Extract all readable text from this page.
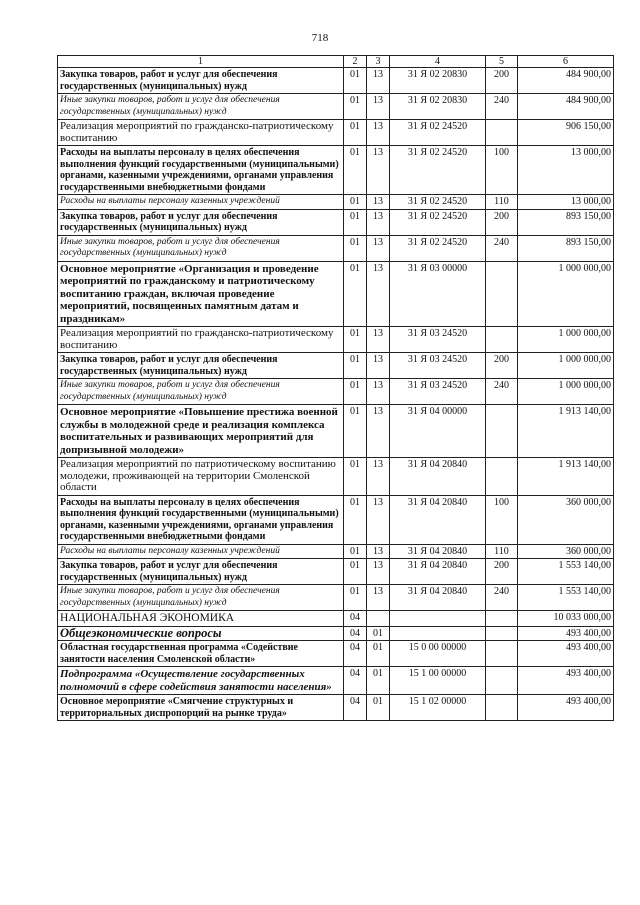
718
1	2	3	4	5	6
Закупка товаров, работ и услуг для обеспечения государственных (муниципальных) нужд	01	13	31 Я 02 20830	200	484 900,00
Иные закупки товаров, работ и услуг для обеспечения государственных (муниципальных) нужд	01	13	31 Я 02 20830	240	484 900,00
Реализация мероприятий по гражданско-патриотическому воспитанию	01	13	31 Я 02 24520		906 150,00
Расходы на выплаты персоналу в целях обеспечения выполнения функций государственными (муниципальными) органами, казенными учреждениями, органами управления государственными внебюджетными фондами	01	13	31 Я 02 24520	100	13 000,00
Расходы на выплаты персоналу казенных учреждений	01	13	31 Я 02 24520	110	13 000,00
Закупка товаров, работ и услуг для обеспечения государственных (муниципальных) нужд	01	13	31 Я 02 24520	200	893 150,00
Иные закупки товаров, работ и услуг для обеспечения государственных (муниципальных) нужд	01	13	31 Я 02 24520	240	893 150,00
Основное мероприятие «Организация и проведение мероприятий по гражданскому и патриотическому воспитанию граждан, включая проведение мероприятий, посвященных памятным датам и праздникам»	01	13	31 Я 03 00000		1 000 000,00
Реализация мероприятий по гражданско-патриотическому воспитанию	01	13	31 Я 03 24520		1 000 000,00
Закупка товаров, работ и услуг для обеспечения государственных (муниципальных) нужд	01	13	31 Я 03 24520	200	1 000 000,00
Иные закупки товаров, работ и услуг для обеспечения государственных (муниципальных) нужд	01	13	31 Я 03 24520	240	1 000 000,00
Основное мероприятие «Повышение престижа военной службы в молодежной среде и реализация комплекса воспитательных и развивающих мероприятий для допризывной молодежи»	01	13	31 Я 04 00000		1 913 140,00
Реализация мероприятий по патриотическому воспитанию молодежи, проживающей на территории Смоленской области	01	13	31 Я 04 20840		1 913 140,00
Расходы на выплаты персоналу в целях обеспечения выполнения функций государственными (муниципальными) органами, казенными учреждениями, органами управления государственными внебюджетными фондами	01	13	31 Я 04 20840	100	360 000,00
Расходы на выплаты персоналу казенных учреждений	01	13	31 Я 04 20840	110	360 000,00
Закупка товаров, работ и услуг для обеспечения государственных (муниципальных) нужд	01	13	31 Я 04 20840	200	1 553 140,00
Иные закупки товаров, работ и услуг для обеспечения государственных (муниципальных) нужд	01	13	31 Я 04 20840	240	1 553 140,00
НАЦИОНАЛЬНАЯ ЭКОНОМИКА	04				10 033 000,00
Общеэкономические вопросы	04	01			493 400,00
Областная государственная программа «Содействие занятости населения Смоленской области»	04	01	15 0 00 00000		493 400,00
Подпрограмма «Осуществление государственных полномочий в сфере содействия занятости населения»	04	01	15 1 00 00000		493 400,00
Основное мероприятие «Смягчение структурных и территориальных диспропорций на рынке труда»	04	01	15 1 02 00000		493 400,00
